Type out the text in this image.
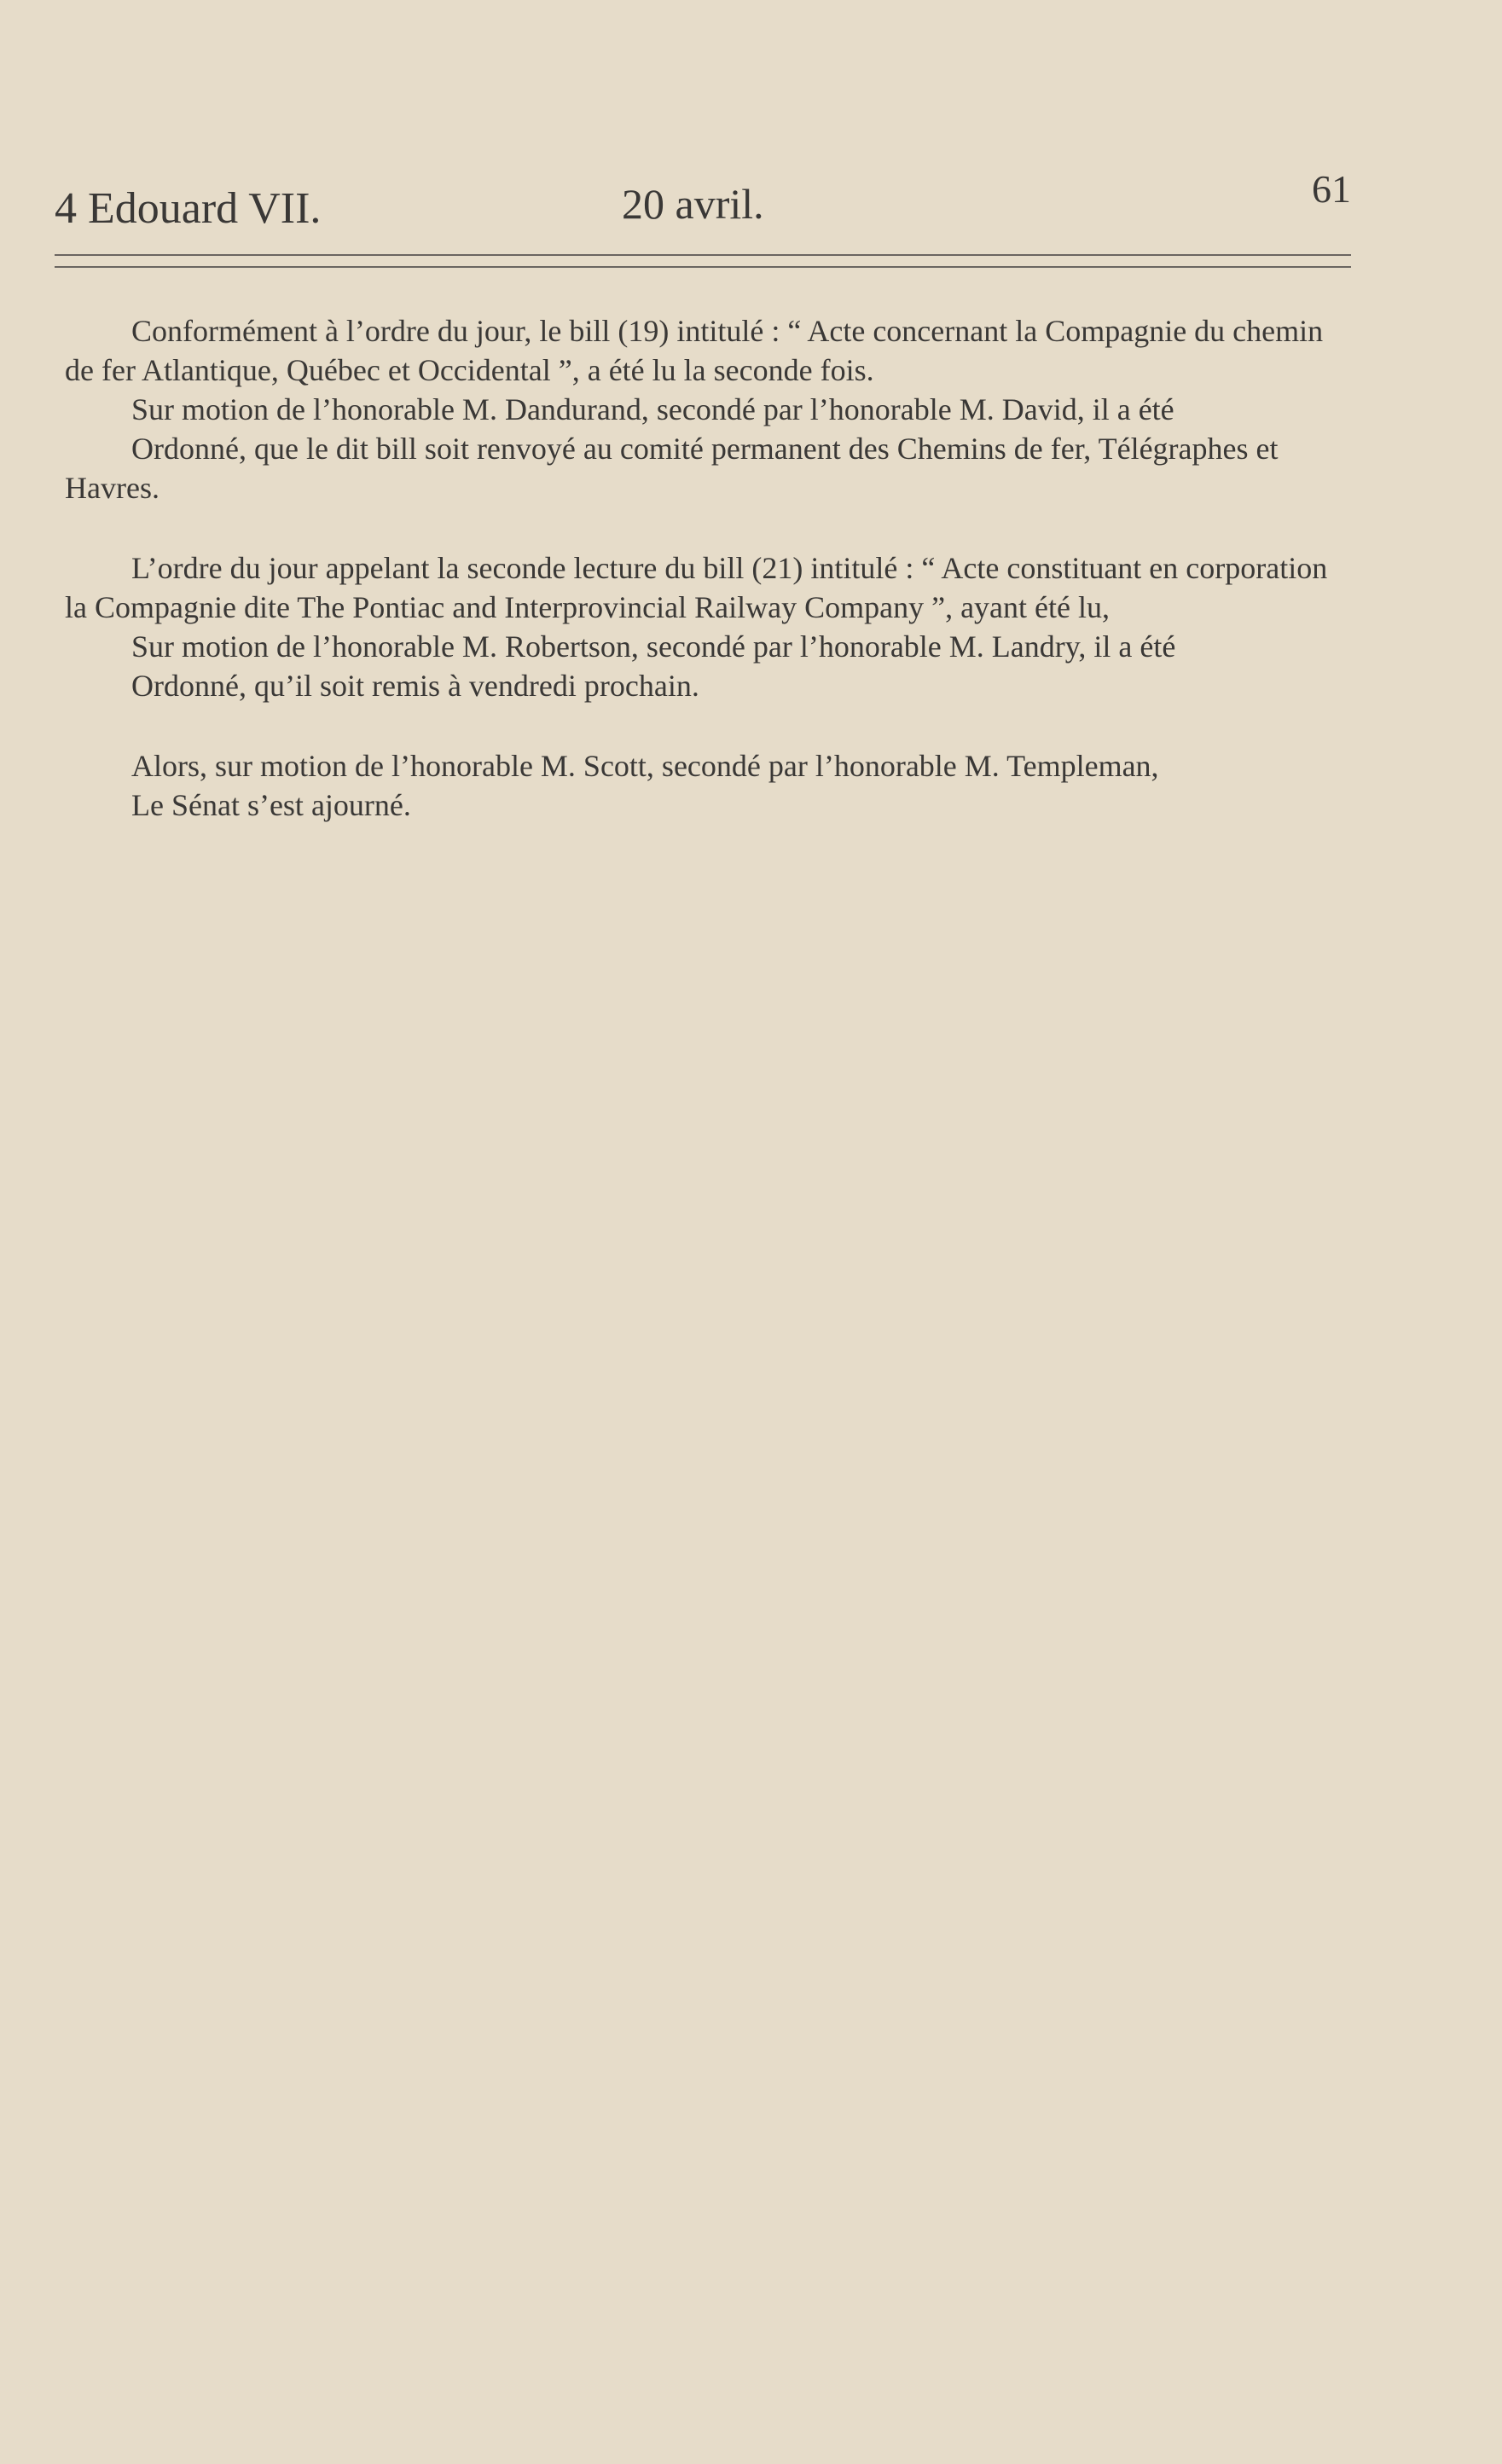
4 Edouard VII.	20 avril.	61

Conformément à l’ordre du jour, le bill (19) intitulé : “ Acte concernant la Compagnie du chemin de fer Atlantique, Québec et Occidental ”, a été lu la seconde fois.

Sur motion de l’honorable M. Dandurand, secondé par l’honorable M. David, il a été

Ordonné, que le dit bill soit renvoyé au comité permanent des Chemins de fer, Télégraphes et Havres.

L’ordre du jour appelant la seconde lecture du bill (21) intitulé : “ Acte constituant en corporation la Compagnie dite The Pontiac and Interprovincial Railway Company ”, ayant été lu,

Sur motion de l’honorable M. Robertson, secondé par l’honorable M. Landry, il a été

Ordonné, qu’il soit remis à vendredi prochain.

Alors, sur motion de l’honorable M. Scott, secondé par l’honorable M. Templeman,

Le Sénat s’est ajourné.
